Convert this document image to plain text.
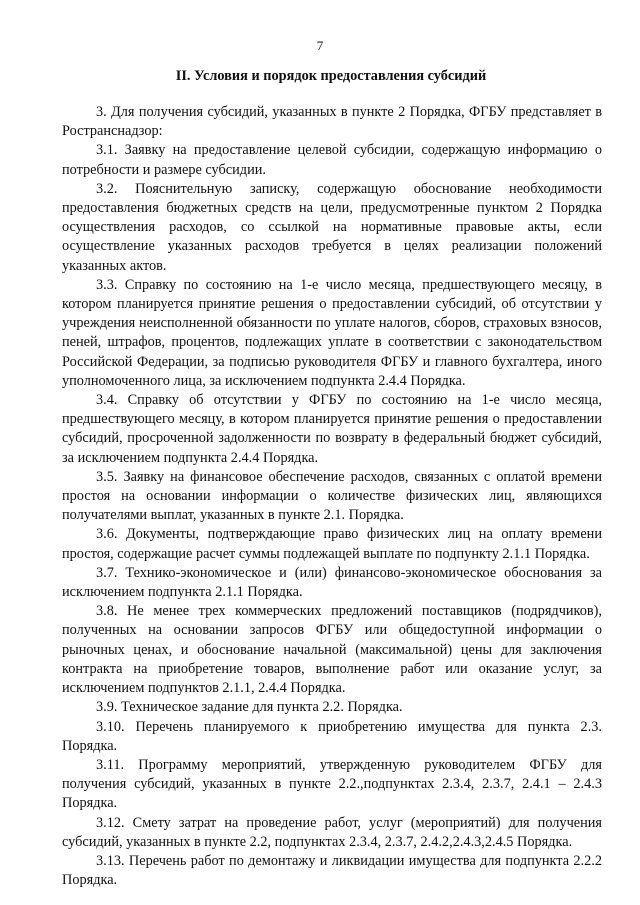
7
II. Условия и порядок предоставления субсидий

3. Для получения субсидий, указанных в пункте 2 Порядка, ФГБУ представляет в Ространснадзор:

3.1. Заявку на предоставление целевой субсидии, содержащую информацию о потребности и размере субсидии.

3.2. Пояснительную записку, содержащую обоснование необходимости предоставления бюджетных средств на цели, предусмотренные пунктом 2 Порядка осуществления расходов, со ссылкой на нормативные правовые акты, если осуществление указанных расходов требуется в целях реализации положений указанных актов.

3.3. Справку по состоянию на 1-е число месяца, предшествующего месяцу, в котором планируется принятие решения о предоставлении субсидий, об отсутствии у учреждения неисполненной обязанности по уплате налогов, сборов, страховых взносов, пеней, штрафов, процентов, подлежащих уплате в соответствии с законодательством Российской Федерации, за подписью руководителя ФГБУ и главного бухгалтера, иного уполномоченного лица, за исключением подпункта 2.4.4 Порядка.

3.4. Справку об отсутствии у ФГБУ по состоянию на 1-е число месяца, предшествующего месяцу, в котором планируется принятие решения о предоставлении субсидий, просроченной задолженности по возврату в федеральный бюджет субсидий, за исключением подпункта 2.4.4 Порядка.

3.5. Заявку на финансовое обеспечение расходов, связанных с оплатой времени простоя на основании информации о количестве физических лиц, являющихся получателями выплат, указанных в пункте 2.1. Порядка.

3.6. Документы, подтверждающие право физических лиц на оплату времени простоя, содержащие расчет суммы подлежащей выплате по подпункту 2.1.1 Порядка.

3.7. Технико-экономическое и (или) финансово-экономическое обоснования за исключением подпункта 2.1.1 Порядка.

3.8. Не менее трех коммерческих предложений поставщиков (подрядчиков), полученных на основании запросов ФГБУ или общедоступной информации о рыночных ценах, и обоснование начальной (максимальной) цены для заключения контракта на приобретение товаров, выполнение работ или оказание услуг, за исключением подпунктов 2.1.1, 2.4.4 Порядка.

3.9. Техническое задание для пункта 2.2. Порядка.

3.10. Перечень планируемого к приобретению имущества для пункта 2.3. Порядка.

3.11. Программу мероприятий, утвержденную руководителем ФГБУ для получения субсидий, указанных в пункте 2.2.,подпунктах 2.3.4, 2.3.7, 2.4.1 – 2.4.3 Порядка.

3.12. Смету затрат на проведение работ, услуг (мероприятий) для получения субсидий, указанных в пункте 2.2, подпунктах 2.3.4, 2.3.7, 2.4.2,2.4.3,2.4.5 Порядка.

3.13. Перечень работ по демонтажу и ликвидации имущества для подпункта 2.2.2 Порядка.
